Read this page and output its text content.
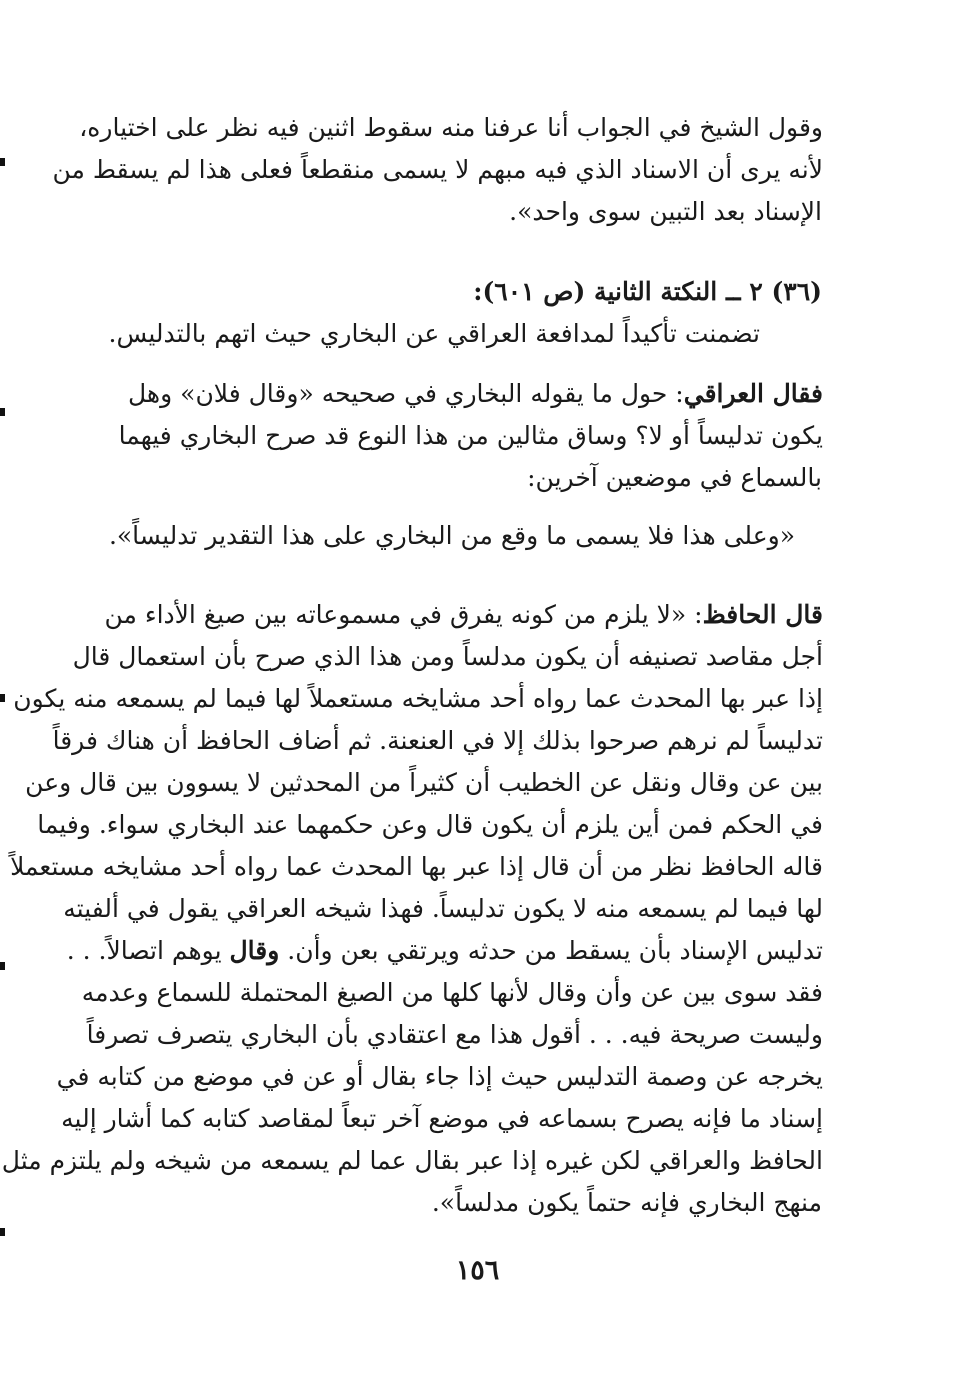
وقول الشيخ في الجواب أنا عرفنا منه سقوط اثنين فيه نظر على اختياره،
لأنه يرى أن الاسناد الذي فيه مبهم لا يسمى منقطعاً فعلى هذا لم يسقط من
الإسناد بعد التبين سوى واحد».
(٣٦) ٢ ــ النكتة الثانية (ص ٦٠١):
تضمنت تأكيداً لمدافعة العراقي عن البخاري حيث اتهم بالتدليس.
فقال العراقي: حول ما يقوله البخاري في صحيحه «وقال فلان» وهل
يكون تدليساً أو لا؟ وساق مثالين من هذا النوع قد صرح البخاري فيهما
بالسماع في موضعين آخرين:
«وعلى هذا فلا يسمى ما وقع من البخاري على هذا التقدير تدليساً».
قال الحافظ: «لا يلزم من كونه يفرق في مسموعاته بين صيغ الأداء من
أجل مقاصد تصنيفه أن يكون مدلساً ومن هذا الذي صرح بأن استعمال قال
إذا عبر بها المحدث عما رواه أحد مشايخه مستعملاً لها فيما لم يسمعه منه يكون
تدليساً لم نرهم صرحوا بذلك إلا في العنعنة. ثم أضاف الحافظ أن هناك فرقاً
بين عن وقال ونقل عن الخطيب أن كثيراً من المحدثين لا يسوون بين قال وعن
في الحكم فمن أين يلزم أن يكون قال وعن حكمهما عند البخاري سواء. وفيما
قاله الحافظ نظر من أن قال إذا عبر بها المحدث عما رواه أحد مشايخه مستعملاً
لها فيما لم يسمعه منه لا يكون تدليساً. فهذا شيخه العراقي يقول في ألفيته
تدليس الإسناد بأن يسقط من حدثه ويرتقي بعن وأن. وقال يوهم اتصالاً. . .
فقد سوى بين عن وأن وقال لأنها كلها من الصيغ المحتملة للسماع وعدمه
وليست صريحة فيه. . . أقول هذا مع اعتقادي بأن البخاري يتصرف تصرفاً
يخرجه عن وصمة التدليس حيث إذا جاء بقال أو عن في موضع من كتابه في
إسناد ما فإنه يصرح بسماعه في موضع آخر تبعاً لمقاصد كتابه كما أشار إليه
الحافظ والعراقي لكن غيره إذا عبر بقال عما لم يسمعه من شيخه ولم يلتزم مثل
منهج البخاري فإنه حتماً يكون مدلساً».
١٥٦
